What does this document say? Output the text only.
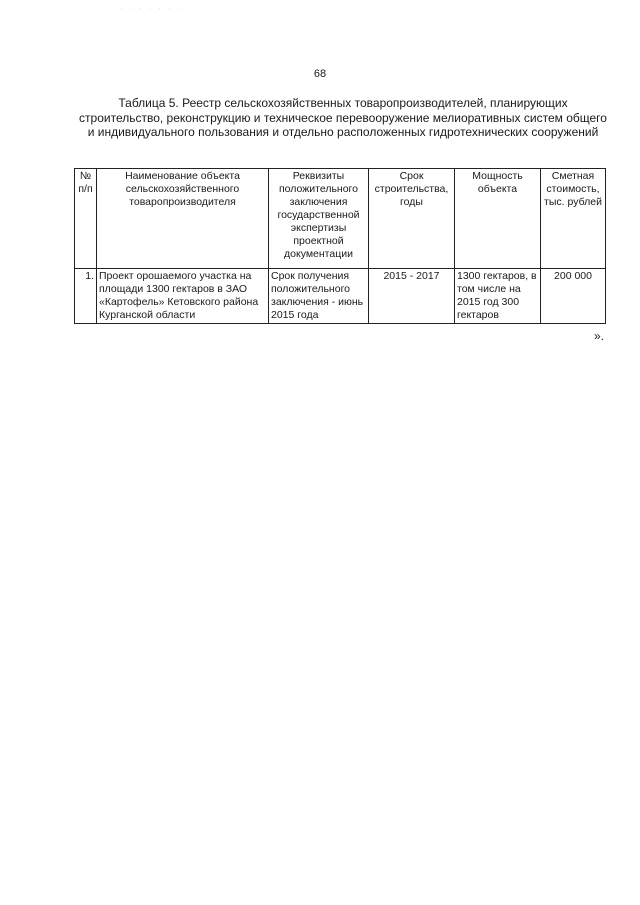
· · · · · · ·
68
Таблица 5. Реестр сельскохозяйственных товаропроизводителей, планирующих строительство, реконструкцию и техническое перевооружение мелиоративных систем общего и индивидуального пользования и отдельно расположенных гидротехнических сооружений
№ п/п	Наименование объекта сельскохозяйственного товаропроизводителя	Реквизиты положительного заключения государственной экспертизы проектной документации	Срок строительства, годы	Мощность объекта	Сметная стоимость, тыс. рублей
1.	Проект орошаемого участка на площади 1300 гектаров в ЗАО «Картофель» Кетовского района Курганской области	Срок получения положительного заключения - июнь 2015 года	2015 - 2017	1300 гектаров, в том числе на 2015 год 300 гектаров	200 000
».
